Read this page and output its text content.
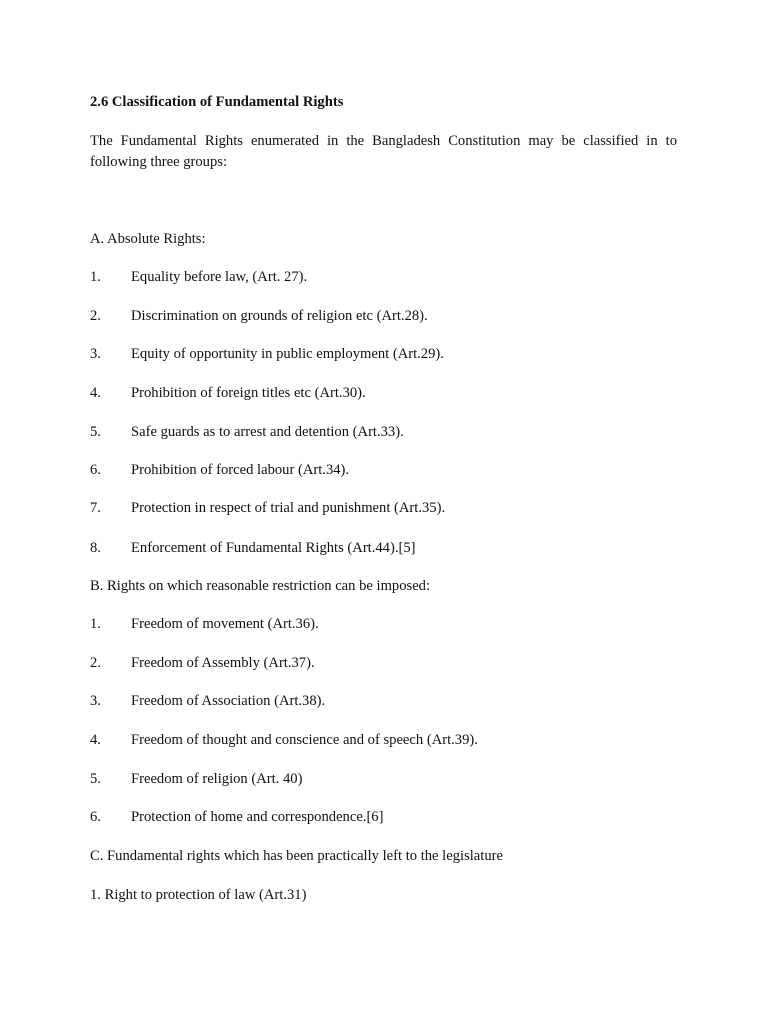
2.6 Classification of Fundamental Rights
The Fundamental Rights enumerated in the Bangladesh Constitution may be classified in to following three groups:
A. Absolute Rights:
1. Equality before law, (Art. 27).
2. Discrimination on grounds of religion etc (Art.28).
3. Equity of opportunity in public employment (Art.29).
4. Prohibition of foreign titles etc (Art.30).
5. Safe guards as to arrest and detention (Art.33).
6. Prohibition of forced labour (Art.34).
7. Protection in respect of trial and punishment (Art.35).
8. Enforcement of Fundamental Rights (Art.44).[5]
B. Rights on which reasonable restriction can be imposed:
1. Freedom of movement (Art.36).
2. Freedom of Assembly (Art.37).
3. Freedom of Association (Art.38).
4. Freedom of thought and conscience and of speech (Art.39).
5. Freedom of religion (Art. 40)
6. Protection of home and correspondence.[6]
C. Fundamental rights which has been practically left to the legislature
1. Right to protection of law (Art.31)
